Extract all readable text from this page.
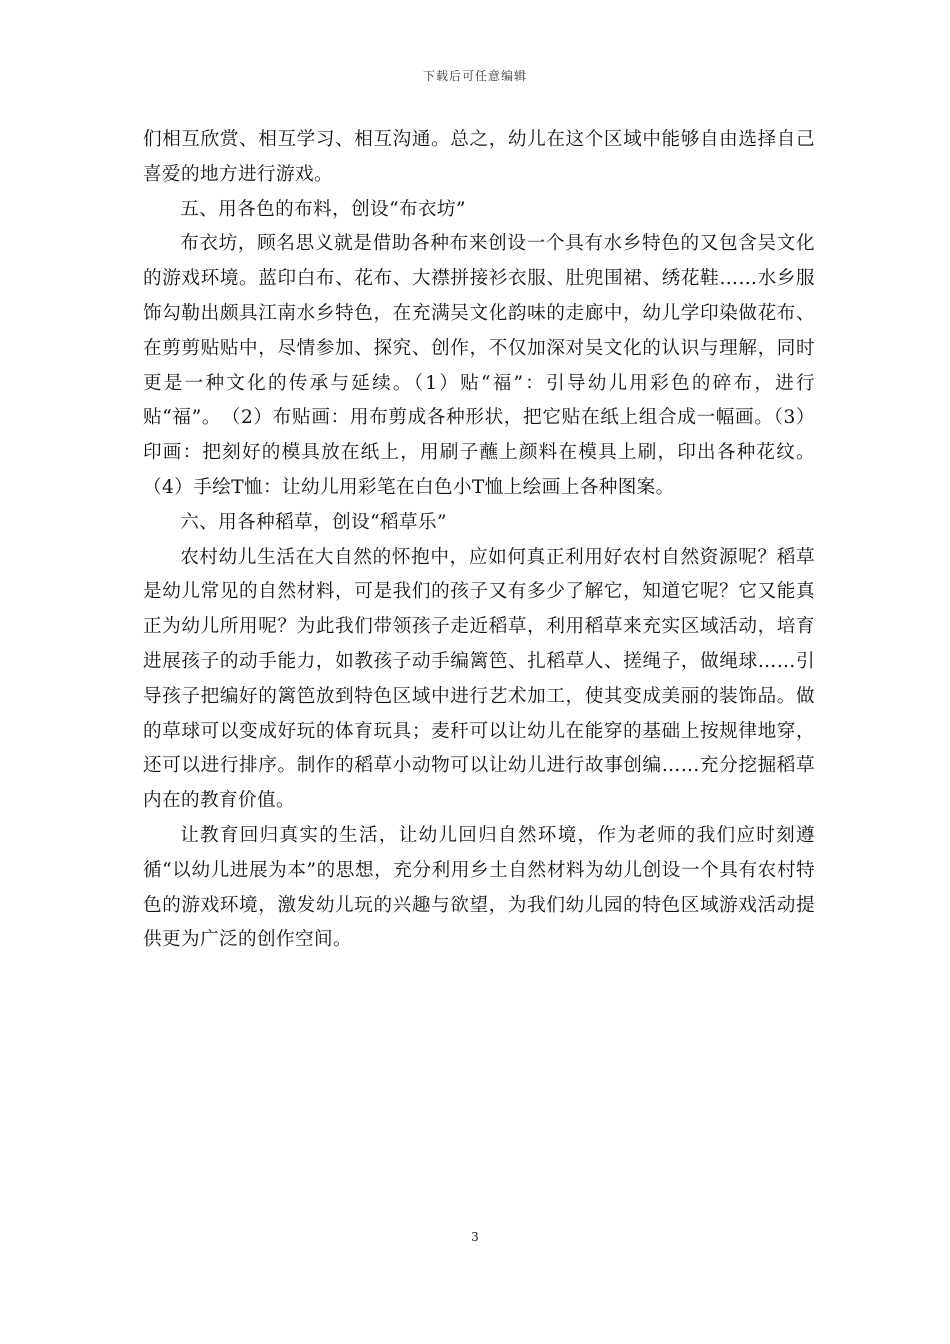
下载后可任意编辑

们相互欣赏、相互学习、相互沟通。总之，幼儿在这个区域中能够自由选择自己喜爱的地方进行游戏。

五、用各色的布料，创设“布衣坊”

布衣坊，顾名思义就是借助各种布来创设一个具有水乡特色的又包含吴文化的游戏环境。蓝印白布、花布、大襟拼接衫衣服、肚兜围裙、绣花鞋……水乡服饰勾勒出颇具江南水乡特色，在充满吴文化韵味的走廊中，幼儿学印染做花布、在剪剪贴贴中，尽情参加、探究、创作，不仅加深对吴文化的认识与理解，同时更是一种文化的传承与延续。（1）贴“福”：引导幼儿用彩色的碎布，进行贴“福”。　（2）布贴画：用布剪成各种形状，把它贴在纸上组合成一幅画。（3）印画：把刻好的模具放在纸上，用刷子蘸上颜料在模具上刷，印出各种花纹。（4）手绘T恤：让幼儿用彩笔在白色小T恤上绘画上各种图案。

六、用各种稻草，创设“稻草乐”

农村幼儿生活在大自然的怀抱中，应如何真正利用好农村自然资源呢？稻草是幼儿常见的自然材料，可是我们的孩子又有多少了解它，知道它呢？它又能真正为幼儿所用呢？为此我们带领孩子走近稻草，利用稻草来充实区域活动，培育进展孩子的动手能力，如教孩子动手编篱笆、扎稻草人、搓绳子，做绳球……引导孩子把编好的篱笆放到特色区域中进行艺术加工，使其变成美丽的装饰品。做的草球可以变成好玩的体育玩具；麦秆可以让幼儿在能穿的基础上按规律地穿，还可以进行排序。制作的稻草小动物可以让幼儿进行故事创编……充分挖掘稻草内在的教育价值。

让教育回归真实的生活，让幼儿回归自然环境，作为老师的我们应时刻遵循“以幼儿进展为本”的思想，充分利用乡土自然材料为幼儿创设一个具有农村特色的游戏环境，激发幼儿玩的兴趣与欲望，为我们幼儿园的特色区域游戏活动提供更为广泛的创作空间。

3
